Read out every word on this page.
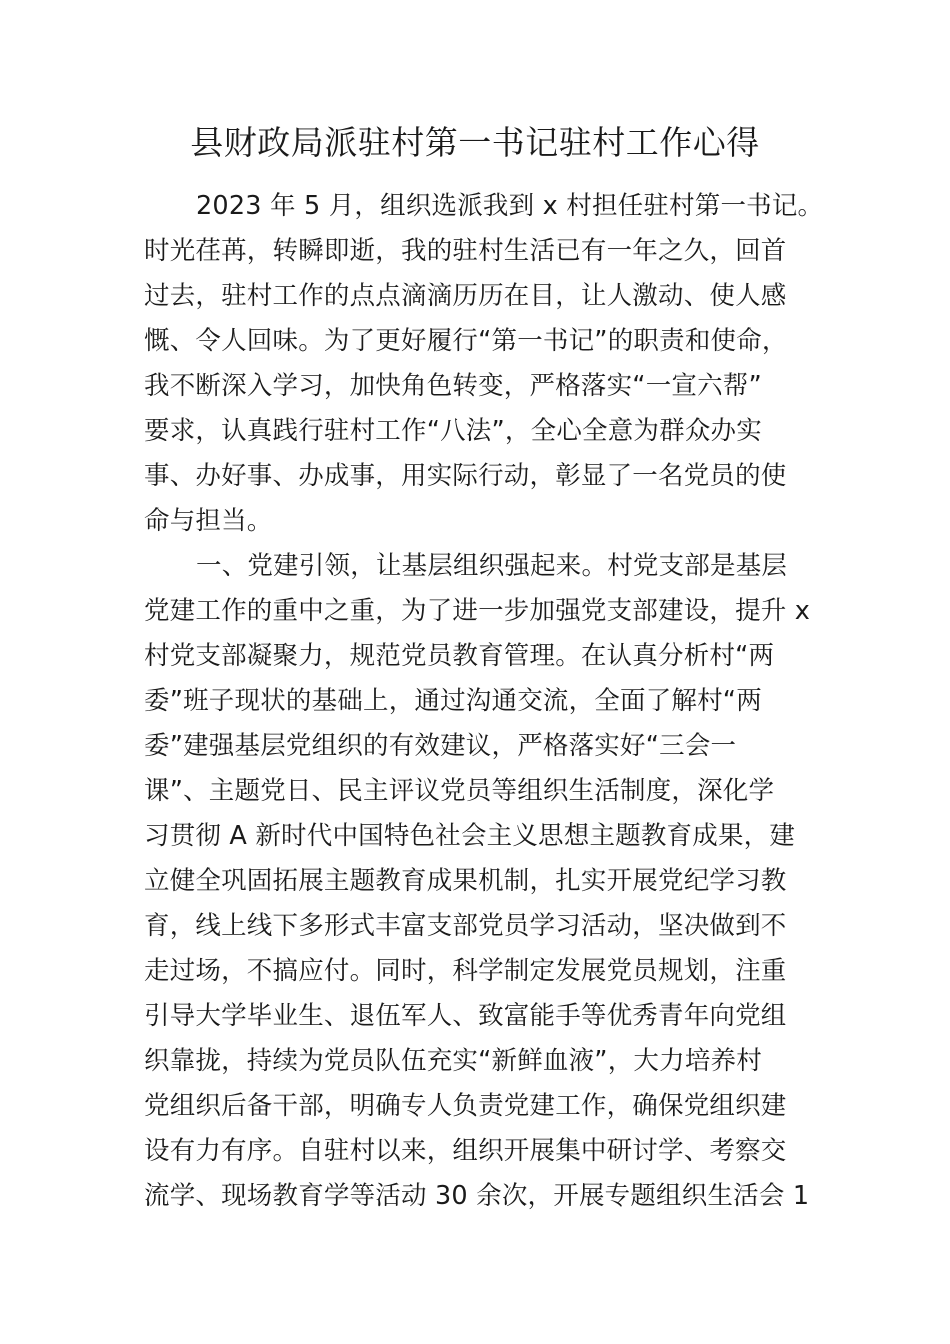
县财政局派驻村第一书记驻村工作心得
2023 年 5 月，组织选派我到 x 村担任驻村第一书记。
时光荏苒，转瞬即逝，我的驻村生活已有一年之久，回首
过去，驻村工作的点点滴滴历历在目，让人激动、使人感
慨、令人回味。为了更好履行“第一书记”的职责和使命，
我不断深入学习，加快角色转变，严格落实“一宣六帮”
要求，认真践行驻村工作“八法”，全心全意为群众办实
事、办好事、办成事，用实际行动，彰显了一名党员的使
命与担当。
一、党建引领，让基层组织强起来。村党支部是基层
党建工作的重中之重，为了进一步加强党支部建设，提升 x
村党支部凝聚力，规范党员教育管理。在认真分析村“两
委”班子现状的基础上，通过沟通交流，全面了解村“两
委”建强基层党组织的有效建议，严格落实好“三会一
课”、主题党日、民主评议党员等组织生活制度，深化学
习贯彻 A 新时代中国特色社会主义思想主题教育成果，建
立健全巩固拓展主题教育成果机制，扎实开展党纪学习教
育，线上线下多形式丰富支部党员学习活动，坚决做到不
走过场，不搞应付。同时，科学制定发展党员规划，注重
引导大学毕业生、退伍军人、致富能手等优秀青年向党组
织靠拢，持续为党员队伍充实“新鲜血液”，大力培养村
党组织后备干部，明确专人负责党建工作，确保党组织建
设有力有序。自驻村以来，组织开展集中研讨学、考察交
流学、现场教育学等活动 30 余次，开展专题组织生活会 1
